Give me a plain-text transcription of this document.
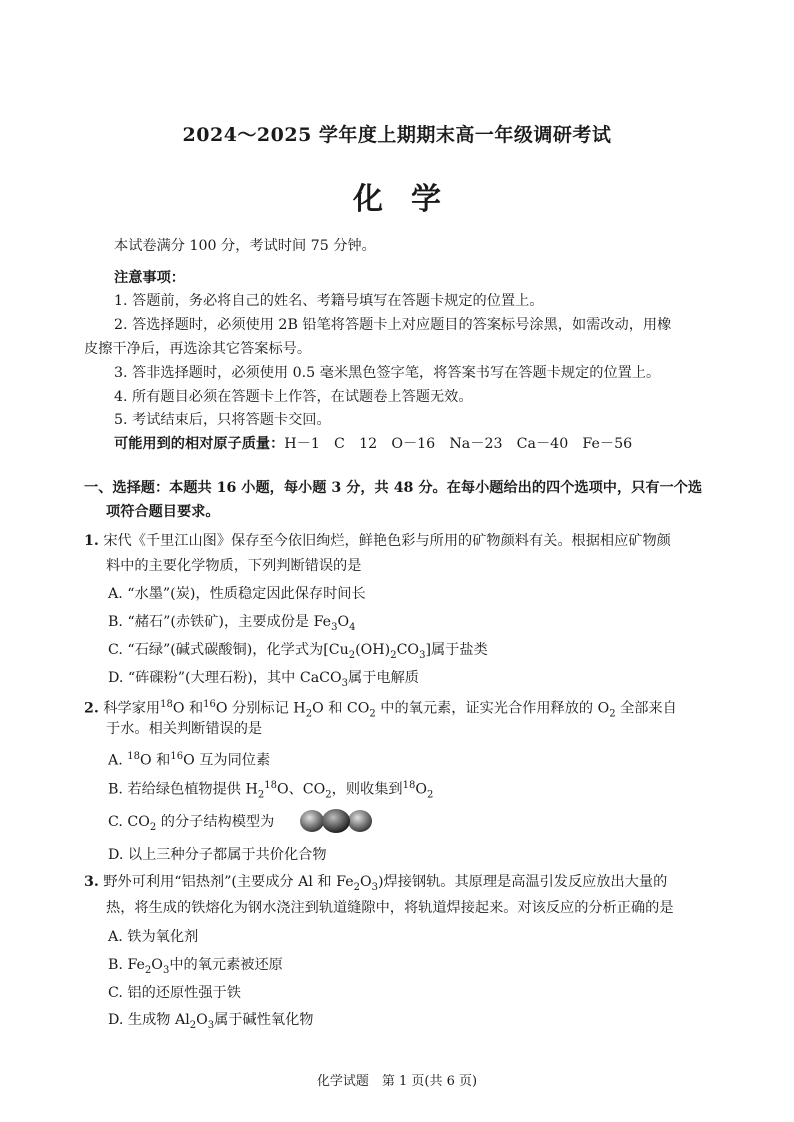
2024～2025 学年度上期期末高一年级调研考试
化学
本试卷满分 100 分，考试时间 75 分钟。
注意事项：
1. 答题前，务必将自己的姓名、考籍号填写在答题卡规定的位置上。
2. 答选择题时，必须使用 2B 铅笔将答题卡上对应题目的答案标号涂黑，如需改动，用橡
皮擦干净后，再选涂其它答案标号。
3. 答非选择题时，必须使用 0.5 毫米黑色签字笔，将答案书写在答题卡规定的位置上。
4. 所有题目必须在答题卡上作答，在试题卷上答题无效。
5. 考试结束后，只将答题卡交回。
可能用到的相对原子质量：H－1　C　12　O－16　Na－23　Ca－40　Fe－56
一、选择题：本题共 16 小题，每小题 3 分，共 48 分。在每小题给出的四个选项中，只有一个选
项符合题目要求。
1. 宋代《千里江山图》保存至今依旧绚烂，鲜艳色彩与所用的矿物颜料有关。根据相应矿物颜
料中的主要化学物质，下列判断错误的是
A. “水墨”(炭)，性质稳定因此保存时间长
B. “赭石”(赤铁矿)，主要成份是 $Fe_3O_4$
C. “石绿”(碱式碳酸铜)，化学式为$[Cu_2(OH)_2CO_3]$属于盐类
D. “砗磲粉”(大理石粉)，其中 CaCO$_3$属于电解质
2. 科学家用$^{18}$O 和$^{16}$O 分别标记 $H_2O$ 和 $CO_2$ 中的氧元素，证实光合作用释放的 $O_2$ 全部来自
于水。相关判断错误的是
A. $^{18}$O 和$^{16}$O 互为同位素
B. 若给绿色植物提供 $H_2^{18}O$、$CO_2$，则收集到$^{18}O_2$
C. $CO_2$ 的分子结构模型为
D. 以上三种分子都属于共价化合物
3. 野外可利用“铝热剂”(主要成分 Al 和 $Fe_2O_3$)焊接钢轨。其原理是高温引发反应放出大量的
热，将生成的铁熔化为钢水浇注到轨道缝隙中，将轨道焊接起来。对该反应的分析正确的是
A. 铁为氧化剂
B. $Fe_2O_3$中的氧元素被还原
C. 铝的还原性强于铁
D. 生成物 $Al_2O_3$属于碱性氧化物
化学试题　第 1 页(共 6 页)
